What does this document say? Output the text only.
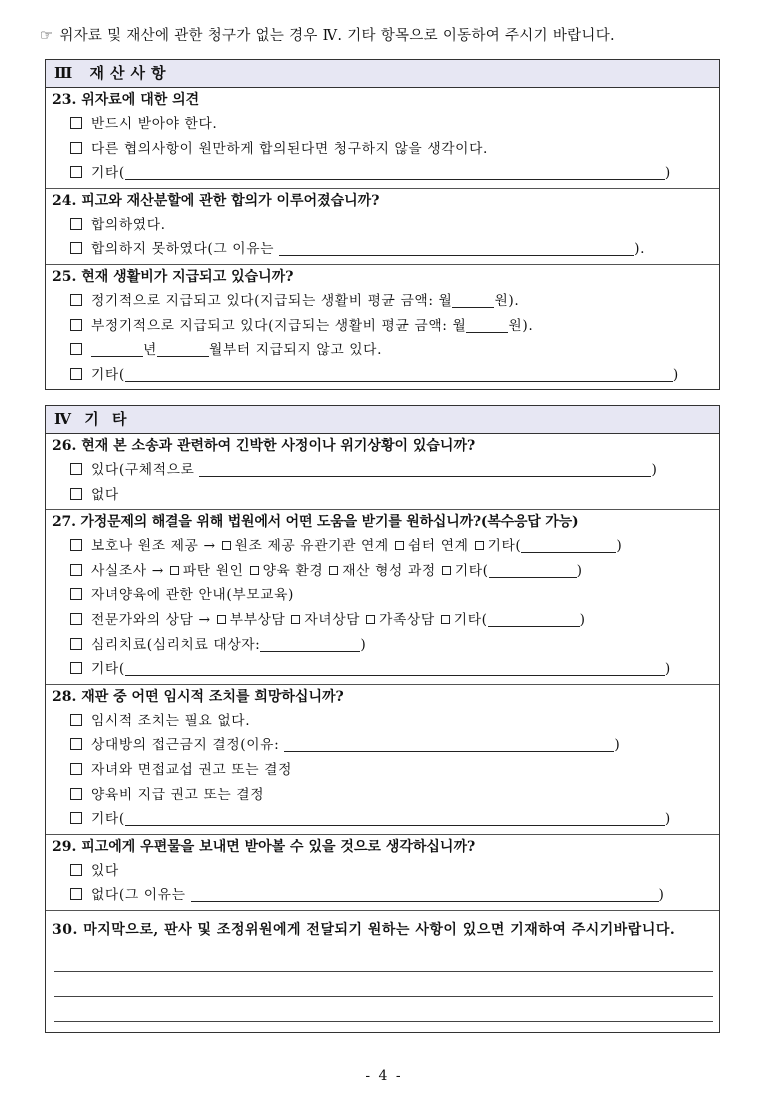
☞ 위자료 및 재산에 관한 청구가 없는 경우 Ⅳ. 기타 항목으로 이동하여 주시기 바랍니다.
Ⅲ 재산사항
23. 위자료에 대한 의견
반드시 받아야 한다.
다른 협의사항이 원만하게 합의된다면 청구하지 않을 생각이다.
기타(	)
24. 피고와 재산분할에 관한 합의가 이루어졌습니까?
합의하였다.
합의하지 못하였다(그 이유는	).
25. 현재 생활비가 지급되고 있습니까?
정기적으로 지급되고 있다(지급되는 생활비 평균 금액: 월	원).
부정기적으로 지급되고 있다(지급되는 생활비 평균 금액: 월	원).
년	월부터 지급되지 않고 있다.
기타(	)
Ⅳ 기 타
26. 현재 본 소송과 관련하여 긴박한 사정이나 위기상황이 있습니까?
있다(구체적으로	)
없다
27. 가정문제의 해결을 위해 법원에서 어떤 도움을 받기를 원하십니까?(복수응답 가능)
보호나 원조 제공 → 원조 제공 유관기관 연계 쉼터 연계 기타(	)
사실조사 → 파탄 원인 양육 환경 재산 형성 과정 기타(	)
자녀양육에 관한 안내(부모교육)
전문가와의 상담 → 부부상담 자녀상담 가족상담 기타(	)
심리치료(심리치료 대상자:	)
기타(	)
28. 재판 중 어떤 임시적 조치를 희망하십니까?
임시적 조치는 필요 없다.
상대방의 접근금지 결정(이유:	)
자녀와 면접교섭 권고 또는 결정
양육비 지급 권고 또는 결정
기타(	)
29. 피고에게 우편물을 보내면 받아볼 수 있을 것으로 생각하십니까?
있다
없다(그 이유는	)
30. 마지막으로, 판사 및 조정위원에게 전달되기 원하는 사항이 있으면 기재하여 주시기바랍니다.
- 4 -
